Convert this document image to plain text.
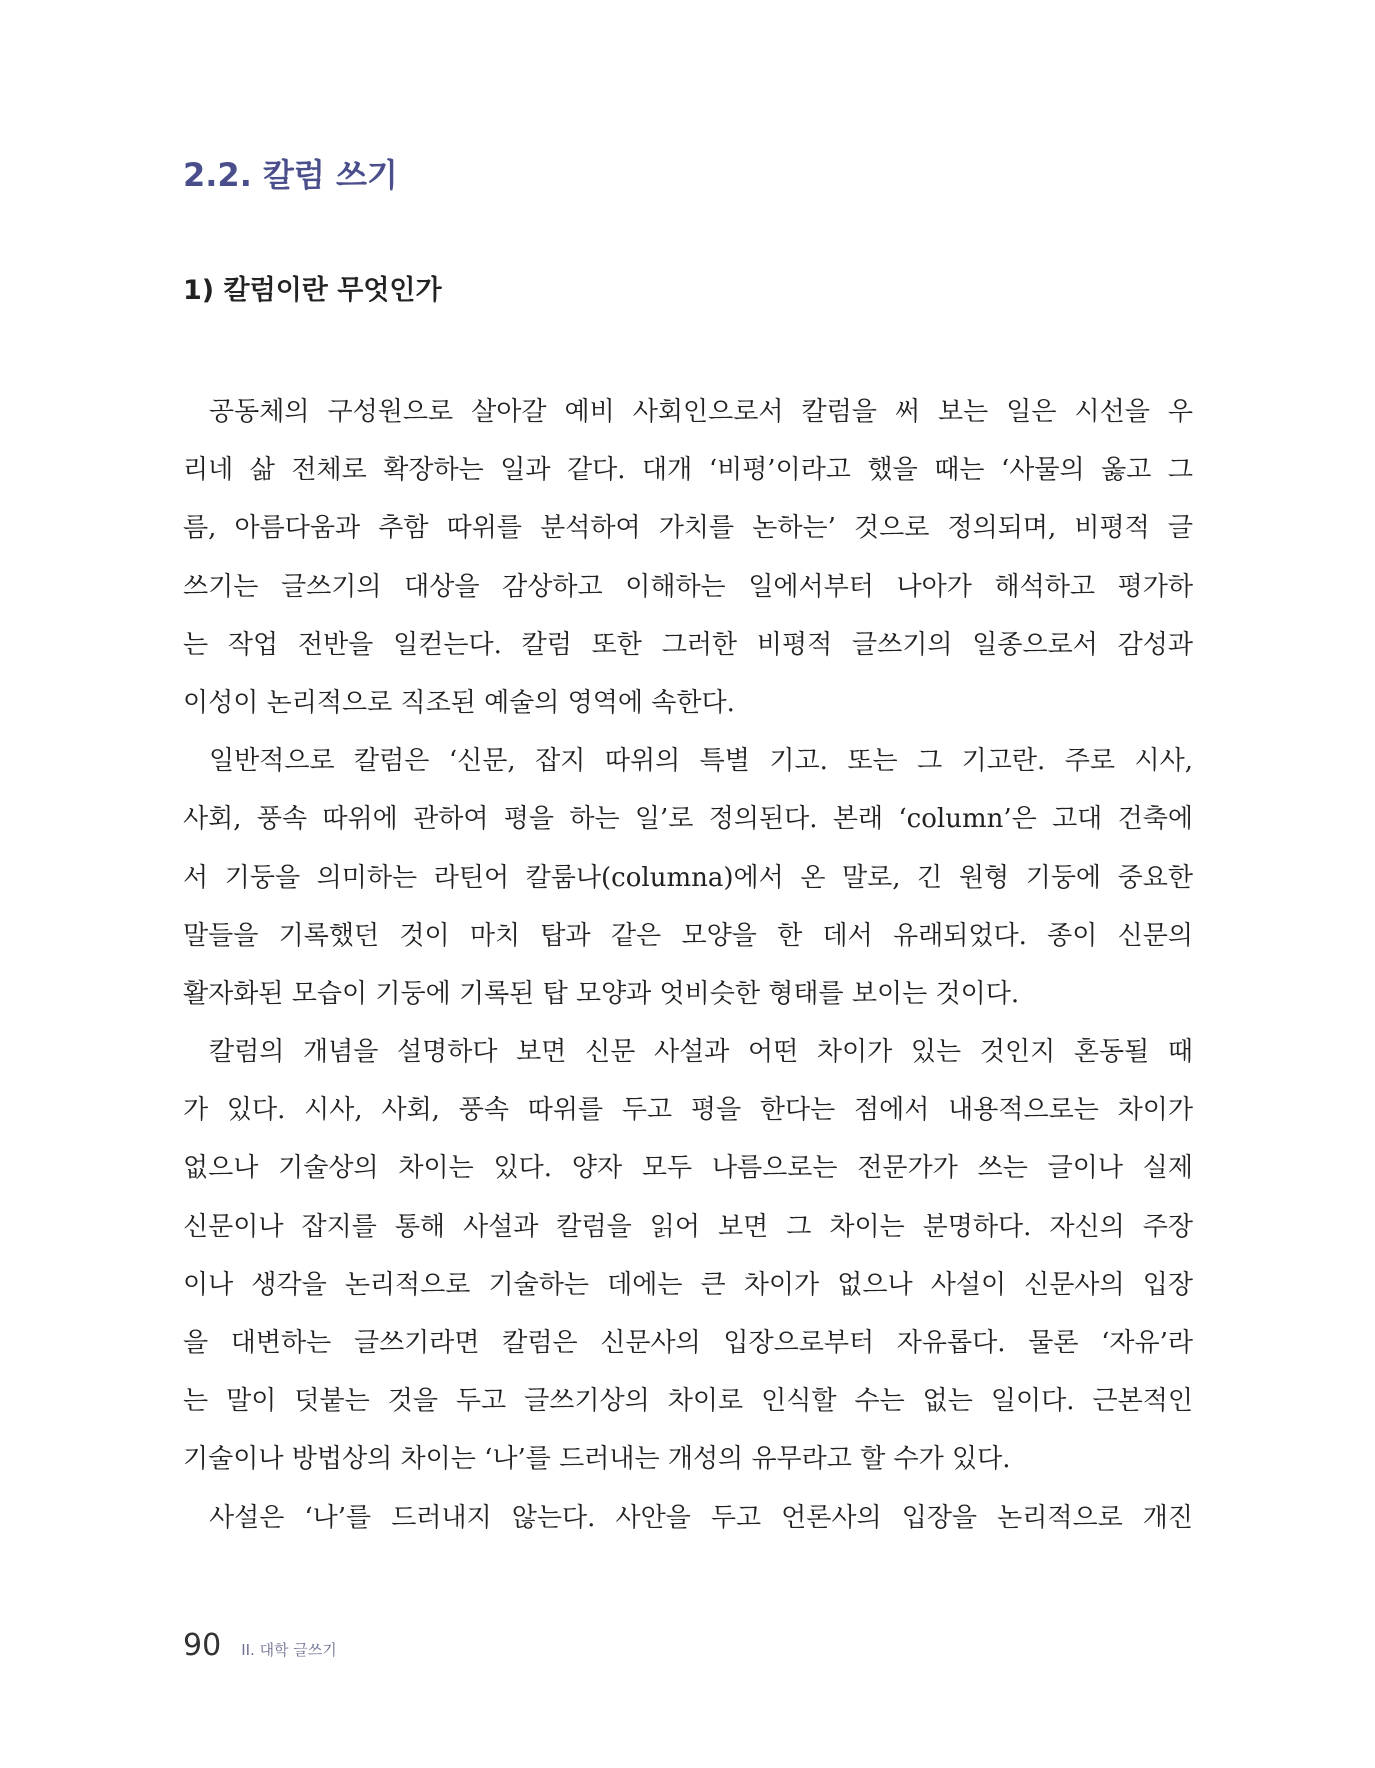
2.2. 칼럼 쓰기
1) 칼럼이란 무엇인가
공동체의 구성원으로 살아갈 예비 사회인으로서 칼럼을 써 보는 일은 시선을 우
리네 삶 전체로 확장하는 일과 같다. 대개 ‘비평’이라고 했을 때는 ‘사물의 옳고 그
름, 아름다움과 추함 따위를 분석하여 가치를 논하는’ 것으로 정의되며, 비평적 글
쓰기는 글쓰기의 대상을 감상하고 이해하는 일에서부터 나아가 해석하고 평가하
는 작업 전반을 일컫는다. 칼럼 또한 그러한 비평적 글쓰기의 일종으로서 감성과
이성이 논리적으로 직조된 예술의 영역에 속한다.
일반적으로 칼럼은 ‘신문, 잡지 따위의 특별 기고. 또는 그 기고란. 주로 시사,
사회, 풍속 따위에 관하여 평을 하는 일’로 정의된다. 본래 ‘column’은 고대 건축에
서 기둥을 의미하는 라틴어 칼룸나(columna)에서 온 말로, 긴 원형 기둥에 중요한
말들을 기록했던 것이 마치 탑과 같은 모양을 한 데서 유래되었다. 종이 신문의
활자화된 모습이 기둥에 기록된 탑 모양과 엇비슷한 형태를 보이는 것이다.
칼럼의 개념을 설명하다 보면 신문 사설과 어떤 차이가 있는 것인지 혼동될 때
가 있다. 시사, 사회, 풍속 따위를 두고 평을 한다는 점에서 내용적으로는 차이가
없으나 기술상의 차이는 있다. 양자 모두 나름으로는 전문가가 쓰는 글이나 실제
신문이나 잡지를 통해 사설과 칼럼을 읽어 보면 그 차이는 분명하다. 자신의 주장
이나 생각을 논리적으로 기술하는 데에는 큰 차이가 없으나 사설이 신문사의 입장
을 대변하는 글쓰기라면 칼럼은 신문사의 입장으로부터 자유롭다. 물론 ‘자유’라
는 말이 덧붙는 것을 두고 글쓰기상의 차이로 인식할 수는 없는 일이다. 근본적인
기술이나 방법상의 차이는 ‘나’를 드러내는 개성의 유무라고 할 수가 있다.
사설은 ‘나’를 드러내지 않는다. 사안을 두고 언론사의 입장을 논리적으로 개진
90 II. 대학 글쓰기
